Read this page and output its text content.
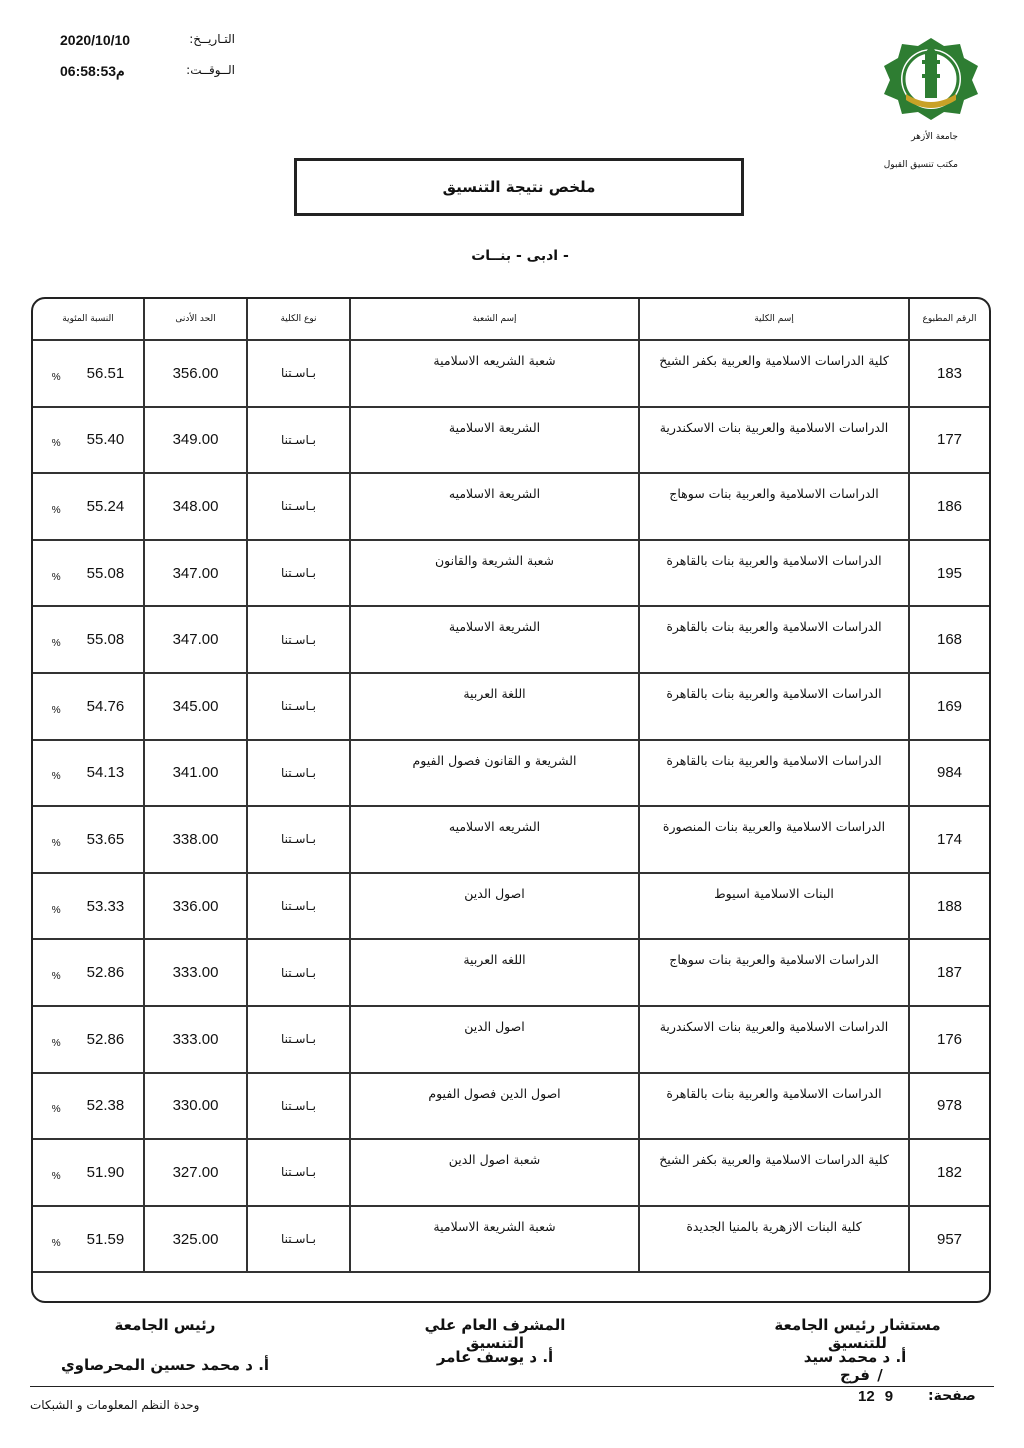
التـاريــخ:
2020/10/10
الــوقــت:
م06:58:53
جامعة الأزهر
مكتب تنسيق القبول
ملخص نتيجة التنسيق
- ادبى - بنــات
الرقم المطبوع
إسم الكلية
إسم الشعبة
نوع الكلية
الحد الأدنى
النسبة المئوية
183
كلية الدراسات الاسلامية والعربية بكفر الشيخ
شعبة الشريعه الاسلامية
بـاسـتنا
356.00
% 56.51
177
الدراسات الاسلامية والعربية بنات الاسكندرية
الشريعة الاسلامية
بـاسـتنا
349.00
% 55.40
186
الدراسات الاسلامية والعربية بنات سوهاج
الشريعة الاسلاميه
بـاسـتنا
348.00
% 55.24
195
الدراسات الاسلامية والعربية بنات بالقاهرة
شعبة الشريعة والقانون
بـاسـتنا
347.00
% 55.08
168
الدراسات الاسلامية والعربية بنات بالقاهرة
الشريعة الاسلامية
بـاسـتنا
347.00
% 55.08
169
الدراسات الاسلامية والعربية بنات بالقاهرة
اللغة العربية
بـاسـتنا
345.00
% 54.76
984
الدراسات الاسلامية والعربية بنات بالقاهرة
الشريعة و القانون فصول الفيوم
بـاسـتنا
341.00
% 54.13
174
الدراسات الاسلامية والعربية بنات المنصورة
الشريعه الاسلاميه
بـاسـتنا
338.00
% 53.65
188
البنات الاسلامية اسيوط
اصول الدين
بـاسـتنا
336.00
% 53.33
187
الدراسات الاسلامية والعربية بنات سوهاج
اللغه العربية
بـاسـتنا
333.00
% 52.86
176
الدراسات الاسلامية والعربية بنات الاسكندرية
اصول الدين
بـاسـتنا
333.00
% 52.86
978
الدراسات الاسلامية والعربية بنات بالقاهرة
اصول الدين فصول الفيوم
بـاسـتنا
330.00
% 52.38
182
كلية الدراسات الاسلامية والعربية بكفر الشيخ
شعبة اصول الدين
بـاسـتنا
327.00
% 51.90
957
كلية البنات الازهرية بالمنيا الجديدة
شعبة الشريعة الاسلامية
بـاسـتنا
325.00
% 51.59
رئيس الجامعة
أ. د محمد حسين المحرصاوي
المشرف العام علي التنسيق
أ. د يوسف عامر
مستشار رئيس الجامعة للتنسيق
أ. د محمد سيد فرج /
صفحة:
12 9
وحدة النظم المعلومات و الشبكات
